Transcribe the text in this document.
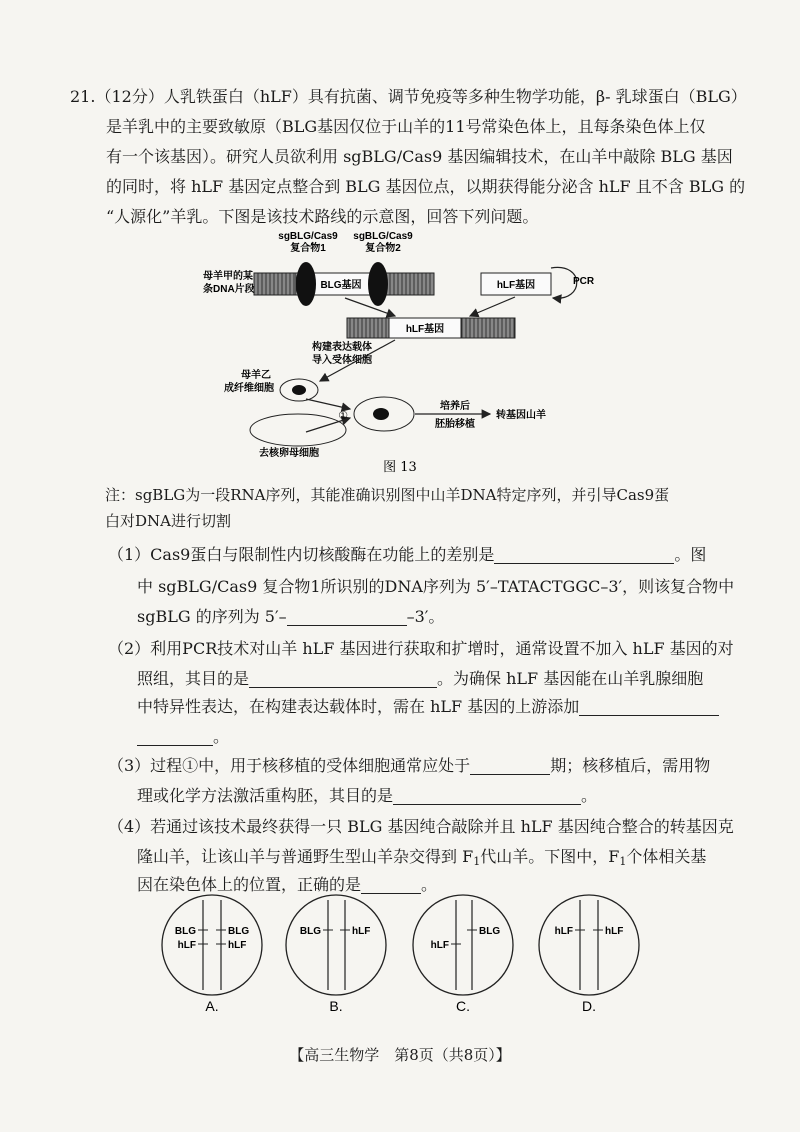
21.（12分）人乳铁蛋白（hLF）具有抗菌、调节免疫等多种生物学功能，β- 乳球蛋白（BLG）
是羊乳中的主要致敏原（BLG基因仅位于山羊的11号常染色体上，且每条染色体上仅
有一个该基因）。研究人员欲利用 sgBLG/Cas9 基因编辑技术，在山羊中敲除 BLG 基因
的同时，将 hLF 基因定点整合到 BLG 基因位点，以期获得能分泌含 hLF 且不含 BLG 的
“人源化”羊乳。下图是该技术路线的示意图，回答下列问题。
sgBLG/Cas9
复合物1
sgBLG/Cas9
复合物2
BLG基因
母羊甲的某
条DNA片段	hLF基因	PCR
hLF基因
构建表达载体
导入受体细胞
母羊乙
成纤维细胞
①
去核卵母细胞
培养后
胚胎移植
转基因山羊
图 13
BLG
hLF
BLG
hLF
A.
BLG	hLF
B.
hLF
BLG
C.
hLF	hLF
D.
注：sgBLG为一段RNA序列，其能准确识别图中山羊DNA特定序列，并引导Cas9蛋
白对DNA进行切割
（1）Cas9蛋白与限制性内切核酸酶在功能上的差别是	。图
中 sgBLG/Cas9 复合物1所识别的DNA序列为 5′–TATACTGGC–3′，则该复合物中
sgBLG 的序列为 5′–	–3′。
（2）利用PCR技术对山羊 hLF 基因进行获取和扩增时，通常设置不加入 hLF 基因的对
照组，其目的是	。为确保 hLF 基因能在山羊乳腺细胞
中特异性表达，在构建表达载体时，需在 hLF 基因的上游添加
。
（3）过程①中，用于核移植的受体细胞通常应处于	期；核移植后，需用物
理或化学方法激活重构胚，其目的是	。
（4）若通过该技术最终获得一只 BLG 基因纯合敲除并且 hLF 基因纯合整合的转基因克
隆山羊，让该山羊与普通野生型山羊杂交得到 $F_1$代山羊。下图中，$F_1$个体相关基
因在染色体上的位置，正确的是	。
【高三生物学　第8页（共8页）】
